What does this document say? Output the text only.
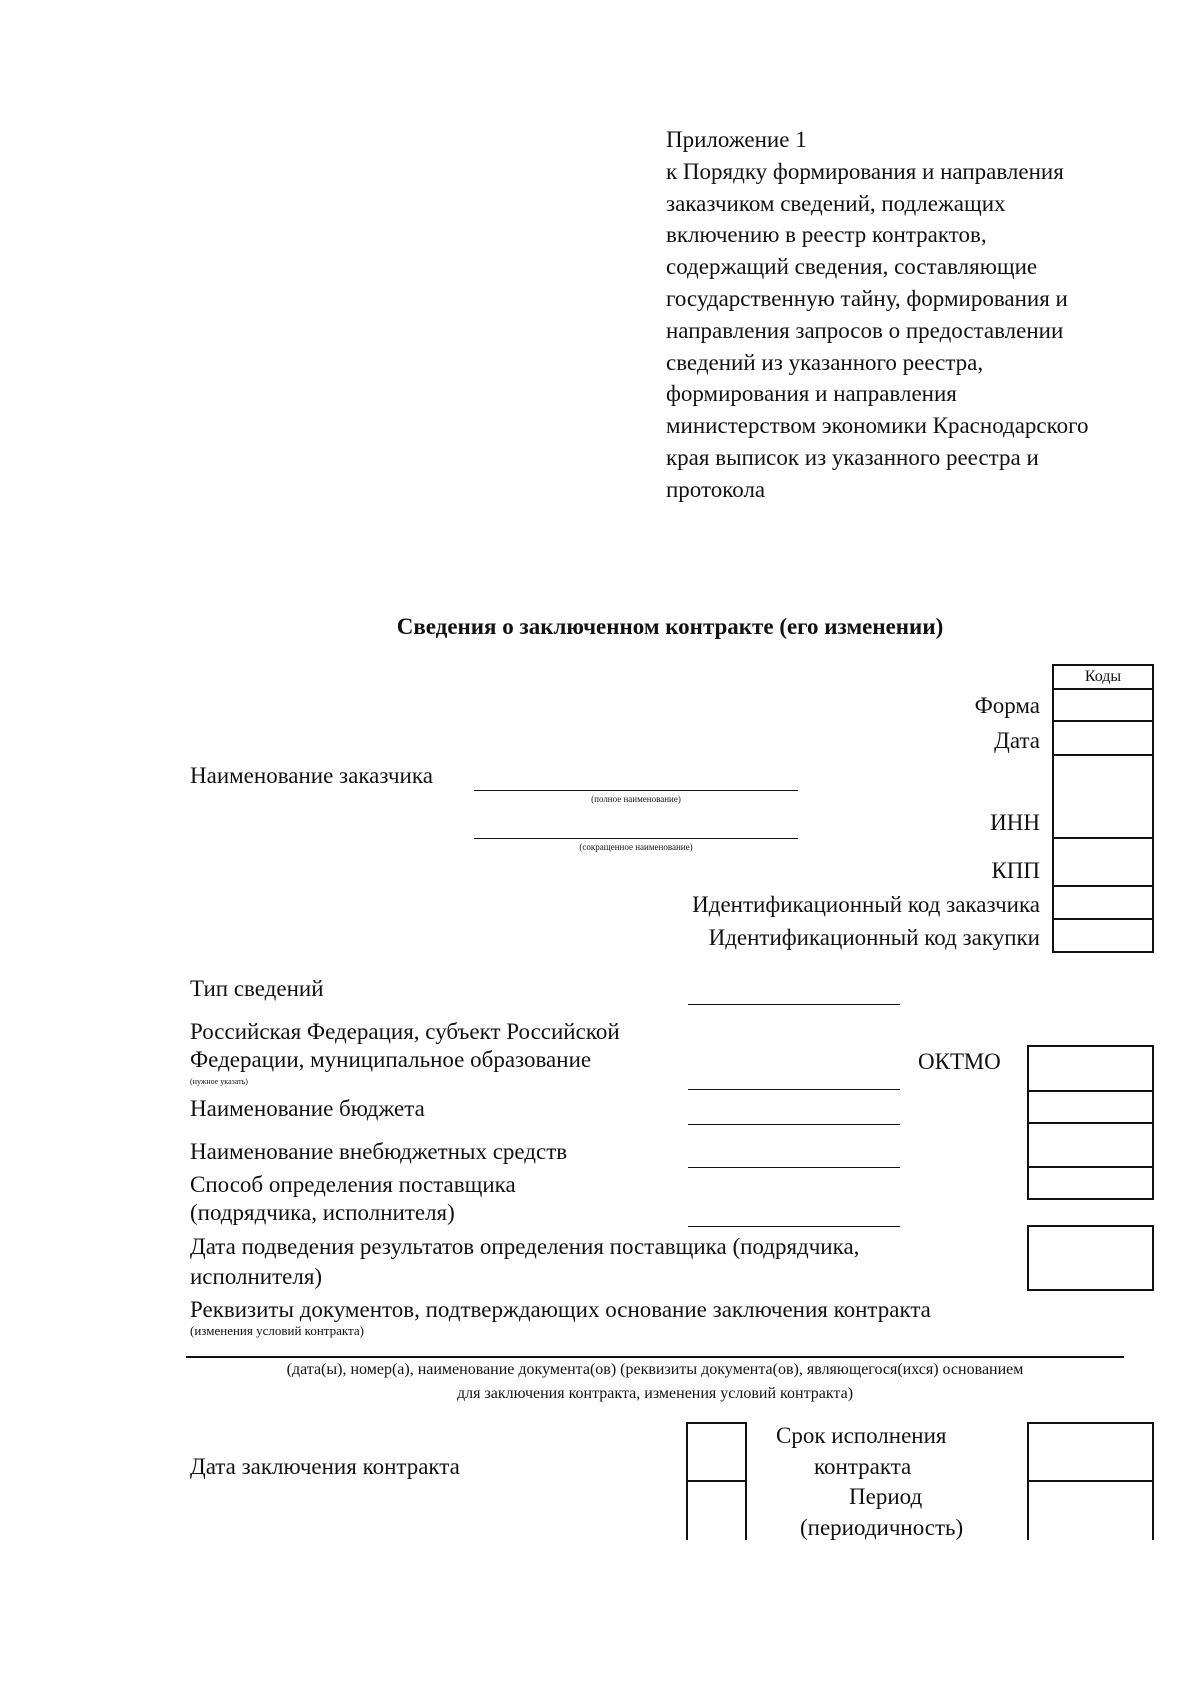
Приложение 1
к Порядку формирования и направления
заказчиком сведений, подлежащих
включению в реестр контрактов,
содержащий сведения, составляющие
государственную тайну, формирования и
направления запросов о предоставлении
сведений из указанного реестра,
формирования и направления
министерством экономики Краснодарского
края выписок из указанного реестра и
протокола
Сведения о заключенном контракте (его изменении)
Коды
Форма
Дата
ИНН
КПП
Идентификационный код заказчика
Идентификационный код закупки
Наименование заказчика
(полное наименование)
(сокращенное наименование)
Тип сведений
Российская Федерация, субъект Российской
Федерации, муниципальное образование
(нужное указать)
ОКТМО
Наименование бюджета
Наименование внебюджетных средств
Способ определения поставщика
(подрядчика, исполнителя)
Дата подведения результатов определения поставщика (подрядчика,
исполнителя)
Реквизиты документов, подтверждающих основание заключения контракта
(изменения условий контракта)
(дата(ы), номер(а), наименование документа(ов) (реквизиты документа(ов), являющегося(ихся) основанием
для заключения контракта, изменения условий контракта)
Дата заключения контракта
Срок исполнения
контракта
Период
(периодичность)
